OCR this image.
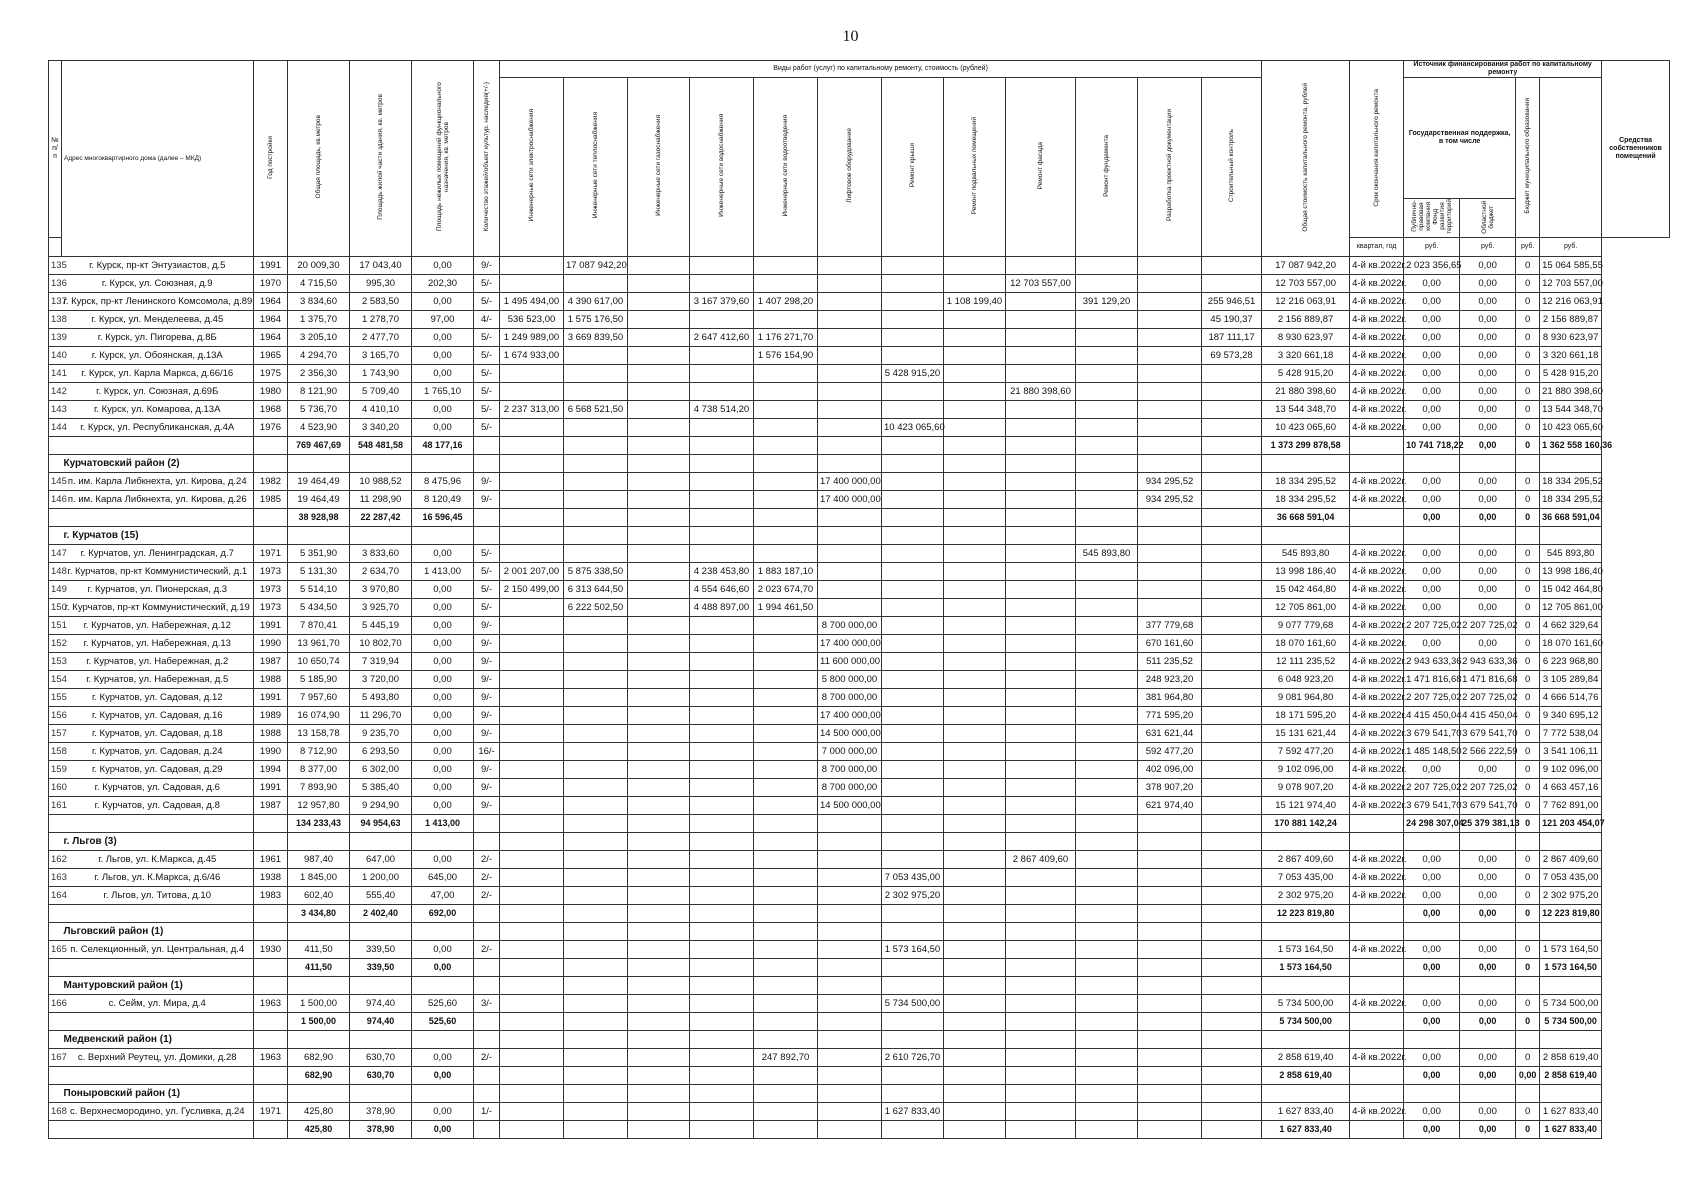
10
№ п/п	Адрес многоквартирного дома (далее – МКД)	Год постройки	Общая площадь, кв.метров	Площадь жилой части здания, кв. метров	Площадь нежилых помещений функционального назначения, кв. метров	Количество этажей/объект культур. наследия(+/-)	Виды работ (услуг) по капитальному ремонту, стоимость (рублей)												Общая стоимость капитального ремонта, рублей	Срок окончания капитального ремонта	Источник финансирования работ по капитальному ремонту				Средства собственников помещений
							Инженерные сети электроснабжения	Инженерные сети теплоснабжения	Инженерные сети газоснабжения	Инженерные сети водоснабжения	Инженерные сети водоотведения	Лифтовое оборудование	Ремонт крыши	Ремонт подвальных помещений	Ремонт фасада	Ремонт фундамента	Разработка проектной документации	Строительный контроль			Государственная поддержка, в том числе		Бюджет муниципального образования		
																					Публично-правовая компания Фонд развития территорий	Областной бюджет			
																				квартал, год	руб.	руб.	руб.	руб.	
135	г. Курск, пр-кт Энтузиастов, д.5	1991	20 009,30	17 043,40	0,00	9/-		17 087 942,20											17 087 942,20	4-й кв.2022г.	2 023 356,65	0,00	0	15 064 585,55	
136	г. Курск, ул. Союзная, д.9	1970	4 715,50	995,30	202,30	5/-									12 703 557,00				12 703 557,00	4-й кв.2022г.	0,00	0,00	0	12 703 557,00	
137	г. Курск, пр-кт Ленинского Комсомола, д.89	1964	3 834,60	2 583,50	0,00	5/-	1 495 494,00	4 390 617,00		3 167 379,60	1 407 298,20			1 108 199,40		391 129,20		255 946,51	12 216 063,91	4-й кв.2022г.	0,00	0,00	0	12 216 063,91	
138	г. Курск, ул. Менделеева, д.45	1964	1 375,70	1 278,70	97,00	4/-	536 523,00	1 575 176,50										45 190,37	2 156 889,87	4-й кв.2022г.	0,00	0,00	0	2 156 889,87	
139	г. Курск, ул. Пигорева, д.8Б	1964	3 205,10	2 477,70	0,00	5/-	1 249 989,00	3 669 839,50		2 647 412,60	1 176 271,70							187 111,17	8 930 623,97	4-й кв.2022г.	0,00	0,00	0	8 930 623,97	
140	г. Курск, ул. Обоянская, д.13А	1965	4 294,70	3 165,70	0,00	5/-	1 674 933,00				1 576 154,90							69 573,28	3 320 661,18	4-й кв.2022г.	0,00	0,00	0	3 320 661,18	
141	г. Курск, ул. Карла Маркса, д.66/16	1975	2 356,30	1 743,90	0,00	5/-							5 428 915,20						5 428 915,20	4-й кв.2022г.	0,00	0,00	0	5 428 915,20	
142	г. Курск, ул. Союзная, д.69Б	1980	8 121,90	5 709,40	1 765,10	5/-									21 880 398,60				21 880 398,60	4-й кв.2022г.	0,00	0,00	0	21 880 398,60	
143	г. Курск, ул. Комарова, д.13А	1968	5 736,70	4 410,10	0,00	5/-	2 237 313,00	6 568 521,50		4 738 514,20									13 544 348,70	4-й кв.2022г.	0,00	0,00	0	13 544 348,70	
144	г. Курск, ул. Республиканская, д.4А	1976	4 523,90	3 340,20	0,00	5/-							10 423 065,60						10 423 065,60	4-й кв.2022г.	0,00	0,00	0	10 423 065,60	
			769 467,69	548 481,58	48 177,16														1 373 299 878,58		10 741 718,22	0,00	0	1 362 558 160,36	
	Курчатовский район (2)																								
145	п. им. Карла Либкнехта, ул. Кирова, д.24	1982	19 464,49	10 988,52	8 475,96	9/-						17 400 000,00					934 295,52		18 334 295,52	4-й кв.2022г.	0,00	0,00	0	18 334 295,52	
146	п. им. Карла Либкнехта, ул. Кирова, д.26	1985	19 464,49	11 298,90	8 120,49	9/-						17 400 000,00					934 295,52		18 334 295,52	4-й кв.2022г.	0,00	0,00	0	18 334 295,52	
			38 928,98	22 287,42	16 596,45														36 668 591,04		0,00	0,00	0	36 668 591,04	
	г. Курчатов (15)																								
147	г. Курчатов, ул. Ленинградская, д.7	1971	5 351,90	3 833,60	0,00	5/-										545 893,80			545 893,80	4-й кв.2022г.	0,00	0,00	0	545 893,80	
148	г. Курчатов, пр-кт Коммунистический, д.1	1973	5 131,30	2 634,70	1 413,00	5/-	2 001 207,00	5 875 338,50		4 238 453,80	1 883 187,10								13 998 186,40	4-й кв.2022г.	0,00	0,00	0	13 998 186,40	
149	г. Курчатов, ул. Пионерская, д.3	1973	5 514,10	3 970,80	0,00	5/-	2 150 499,00	6 313 644,50		4 554 646,60	2 023 674,70								15 042 464,80	4-й кв.2022г.	0,00	0,00	0	15 042 464,80	
150	г. Курчатов, пр-кт Коммунистический, д.19	1973	5 434,50	3 925,70	0,00	5/-		6 222 502,50		4 488 897,00	1 994 461,50								12 705 861,00	4-й кв.2022г.	0,00	0,00	0	12 705 861,00	
151	г. Курчатов, ул. Набережная, д.12	1991	7 870,41	5 445,19	0,00	9/-						8 700 000,00					377 779,68		9 077 779,68	4-й кв.2022г.	2 207 725,02	2 207 725,02	0	4 662 329,64	
152	г. Курчатов, ул. Набережная, д.13	1990	13 961,70	10 802,70	0,00	9/-						17 400 000,00					670 161,60		18 070 161,60	4-й кв.2022г.	0,00	0,00	0	18 070 161,60	
153	г. Курчатов, ул. Набережная, д.2	1987	10 650,74	7 319,94	0,00	9/-						11 600 000,00					511 235,52		12 111 235,52	4-й кв.2022г.	2 943 633,36	2 943 633,36	0	6 223 968,80	
154	г. Курчатов, ул. Набережная, д.5	1988	5 185,90	3 720,00	0,00	9/-						5 800 000,00					248 923,20		6 048 923,20	4-й кв.2022г.	1 471 816,68	1 471 816,68	0	3 105 289,84	
155	г. Курчатов, ул. Садовая, д.12	1991	7 957,60	5 493,80	0,00	9/-						8 700 000,00					381 964,80		9 081 964,80	4-й кв.2022г.	2 207 725,02	2 207 725,02	0	4 666 514,76	
156	г. Курчатов, ул. Садовая, д.16	1989	16 074,90	11 296,70	0,00	9/-						17 400 000,00					771 595,20		18 171 595,20	4-й кв.2022г.	4 415 450,04	4 415 450,04	0	9 340 695,12	
157	г. Курчатов, ул. Садовая, д.18	1988	13 158,78	9 235,70	0,00	9/-						14 500 000,00					631 621,44		15 131 621,44	4-й кв.2022г.	3 679 541,70	3 679 541,70	0	7 772 538,04	
158	г. Курчатов, ул. Садовая, д.24	1990	8 712,90	6 293,50	0,00	16/-						7 000 000,00					592 477,20		7 592 477,20	4-й кв.2022г.	1 485 148,50	2 566 222,59	0	3 541 106,11	
159	г. Курчатов, ул. Садовая, д.29	1994	8 377,00	6 302,00	0,00	9/-						8 700 000,00					402 096,00		9 102 096,00	4-й кв.2022г.	0,00	0,00	0	9 102 096,00	
160	г. Курчатов, ул. Садовая, д.6	1991	7 893,90	5 385,40	0,00	9/-						8 700 000,00					378 907,20		9 078 907,20	4-й кв.2022г.	2 207 725,02	2 207 725,02	0	4 663 457,16	
161	г. Курчатов, ул. Садовая, д.8	1987	12 957,80	9 294,90	0,00	9/-						14 500 000,00					621 974,40		15 121 974,40	4-й кв.2022г.	3 679 541,70	3 679 541,70	0	7 762 891,00	
			134 233,43	94 954,63	1 413,00														170 881 142,24		24 298 307,04	25 379 381,13	0	121 203 454,07	
	г. Льгов (3)																								
162	г. Льгов, ул. К.Маркса, д.45	1961	987,40	647,00	0,00	2/-									2 867 409,60				2 867 409,60	4-й кв.2022г.	0,00	0,00	0	2 867 409,60	
163	г. Льгов, ул. К.Маркса, д.6/46	1938	1 845,00	1 200,00	645,00	2/-							7 053 435,00						7 053 435,00	4-й кв.2022г.	0,00	0,00	0	7 053 435,00	
164	г. Льгов, ул. Титова, д.10	1983	602,40	555,40	47,00	2/-							2 302 975,20						2 302 975,20	4-й кв.2022г.	0,00	0,00	0	2 302 975,20	
			3 434,80	2 402,40	692,00														12 223 819,80		0,00	0,00	0	12 223 819,80	
	Льговский район (1)																								
165	п. Селекционный, ул. Центральная, д.4	1930	411,50	339,50	0,00	2/-							1 573 164,50						1 573 164,50	4-й кв.2022г.	0,00	0,00	0	1 573 164,50	
			411,50	339,50	0,00														1 573 164,50		0,00	0,00	0	1 573 164,50	
	Мантуровский район (1)																								
166	с. Сейм, ул. Мира, д.4	1963	1 500,00	974,40	525,60	3/-							5 734 500,00						5 734 500,00	4-й кв.2022г.	0,00	0,00	0	5 734 500,00	
			1 500,00	974,40	525,60														5 734 500,00		0,00	0,00	0	5 734 500,00	
	Медвенский район (1)																								
167	с. Верхний Реутец, ул. Домики, д.28	1963	682,90	630,70	0,00	2/-					247 892,70		2 610 726,70						2 858 619,40	4-й кв.2022г.	0,00	0,00	0	2 858 619,40	
			682,90	630,70	0,00														2 858 619,40		0,00	0,00	0,00	2 858 619,40	
	Поныровский район (1)																								
168	с. Верхнесмородино, ул. Гусливка, д.24	1971	425,80	378,90	0,00	1/-							1 627 833,40						1 627 833,40	4-й кв.2022г.	0,00	0,00	0	1 627 833,40	
			425,80	378,90	0,00														1 627 833,40		0,00	0,00	0	1 627 833,40	
